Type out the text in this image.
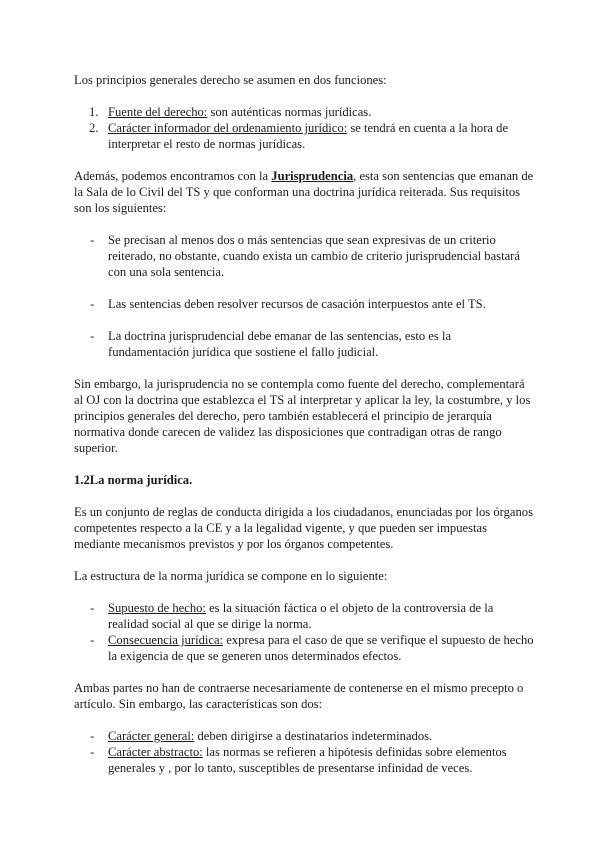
Los principios generales derecho se asumen en dos funciones:

1. Fuente del derecho: son auténticas normas jurídicas.
2. Carácter informador del ordenamiento jurídico: se tendrá en cuenta a la hora de interpretar el resto de normas jurídicas.

Además, podemos encontramos con la Jurisprudencia, esta son sentencias que emanan de la Sala de lo Civil del TS y que conforman una doctrina jurídica reiterada. Sus requisitos son los siguientes:

- Se precisan al menos dos o más sentencias que sean expresivas de un criterio reiterado, no obstante, cuando exista un cambio de criterio jurisprudencial bastará con una sola sentencia.
- Las sentencias deben resolver recursos de casación interpuestos ante el TS.
- La doctrina jurisprudencial debe emanar de las sentencias, esto es la fundamentación jurídica que sostiene el fallo judicial.

Sin embargo, la jurisprudencia no se contempla como fuente del derecho, complementará al OJ con la doctrina que establezca el TS al interpretar y aplicar la ley, la costumbre, y los principios generales del derecho, pero también establecerá el principio de jerarquía normativa donde carecen de validez las disposiciones que contradigan otras de rango superior.

1.2La norma jurídica.

Es un conjunto de reglas de conducta dirigida a los ciudadanos, enunciadas por los órganos competentes respecto a la CE y a la legalidad vigente, y que pueden ser impuestas mediante mecanismos previstos y por los órganos competentes.

La estructura de la norma jurídica se compone en lo siguiente:

- Supuesto de hecho: es la situación fáctica o el objeto de la controversia de la realidad social al que se dirige la norma.
- Consecuencia jurídica: expresa para el caso de que se verifique el supuesto de hecho la exigencia de que se generen unos determinados efectos.

Ambas partes no han de contraerse necesariamente de contenerse en el mismo precepto o artículo. Sin embargo, las características son dos:

- Carácter general: deben dirigirse a destinatarios indeterminados.
- Carácter abstracto: las normas se refieren a hipótesis definidas sobre elementos generales y , por lo tanto, susceptibles de presentarse infinidad de veces.
